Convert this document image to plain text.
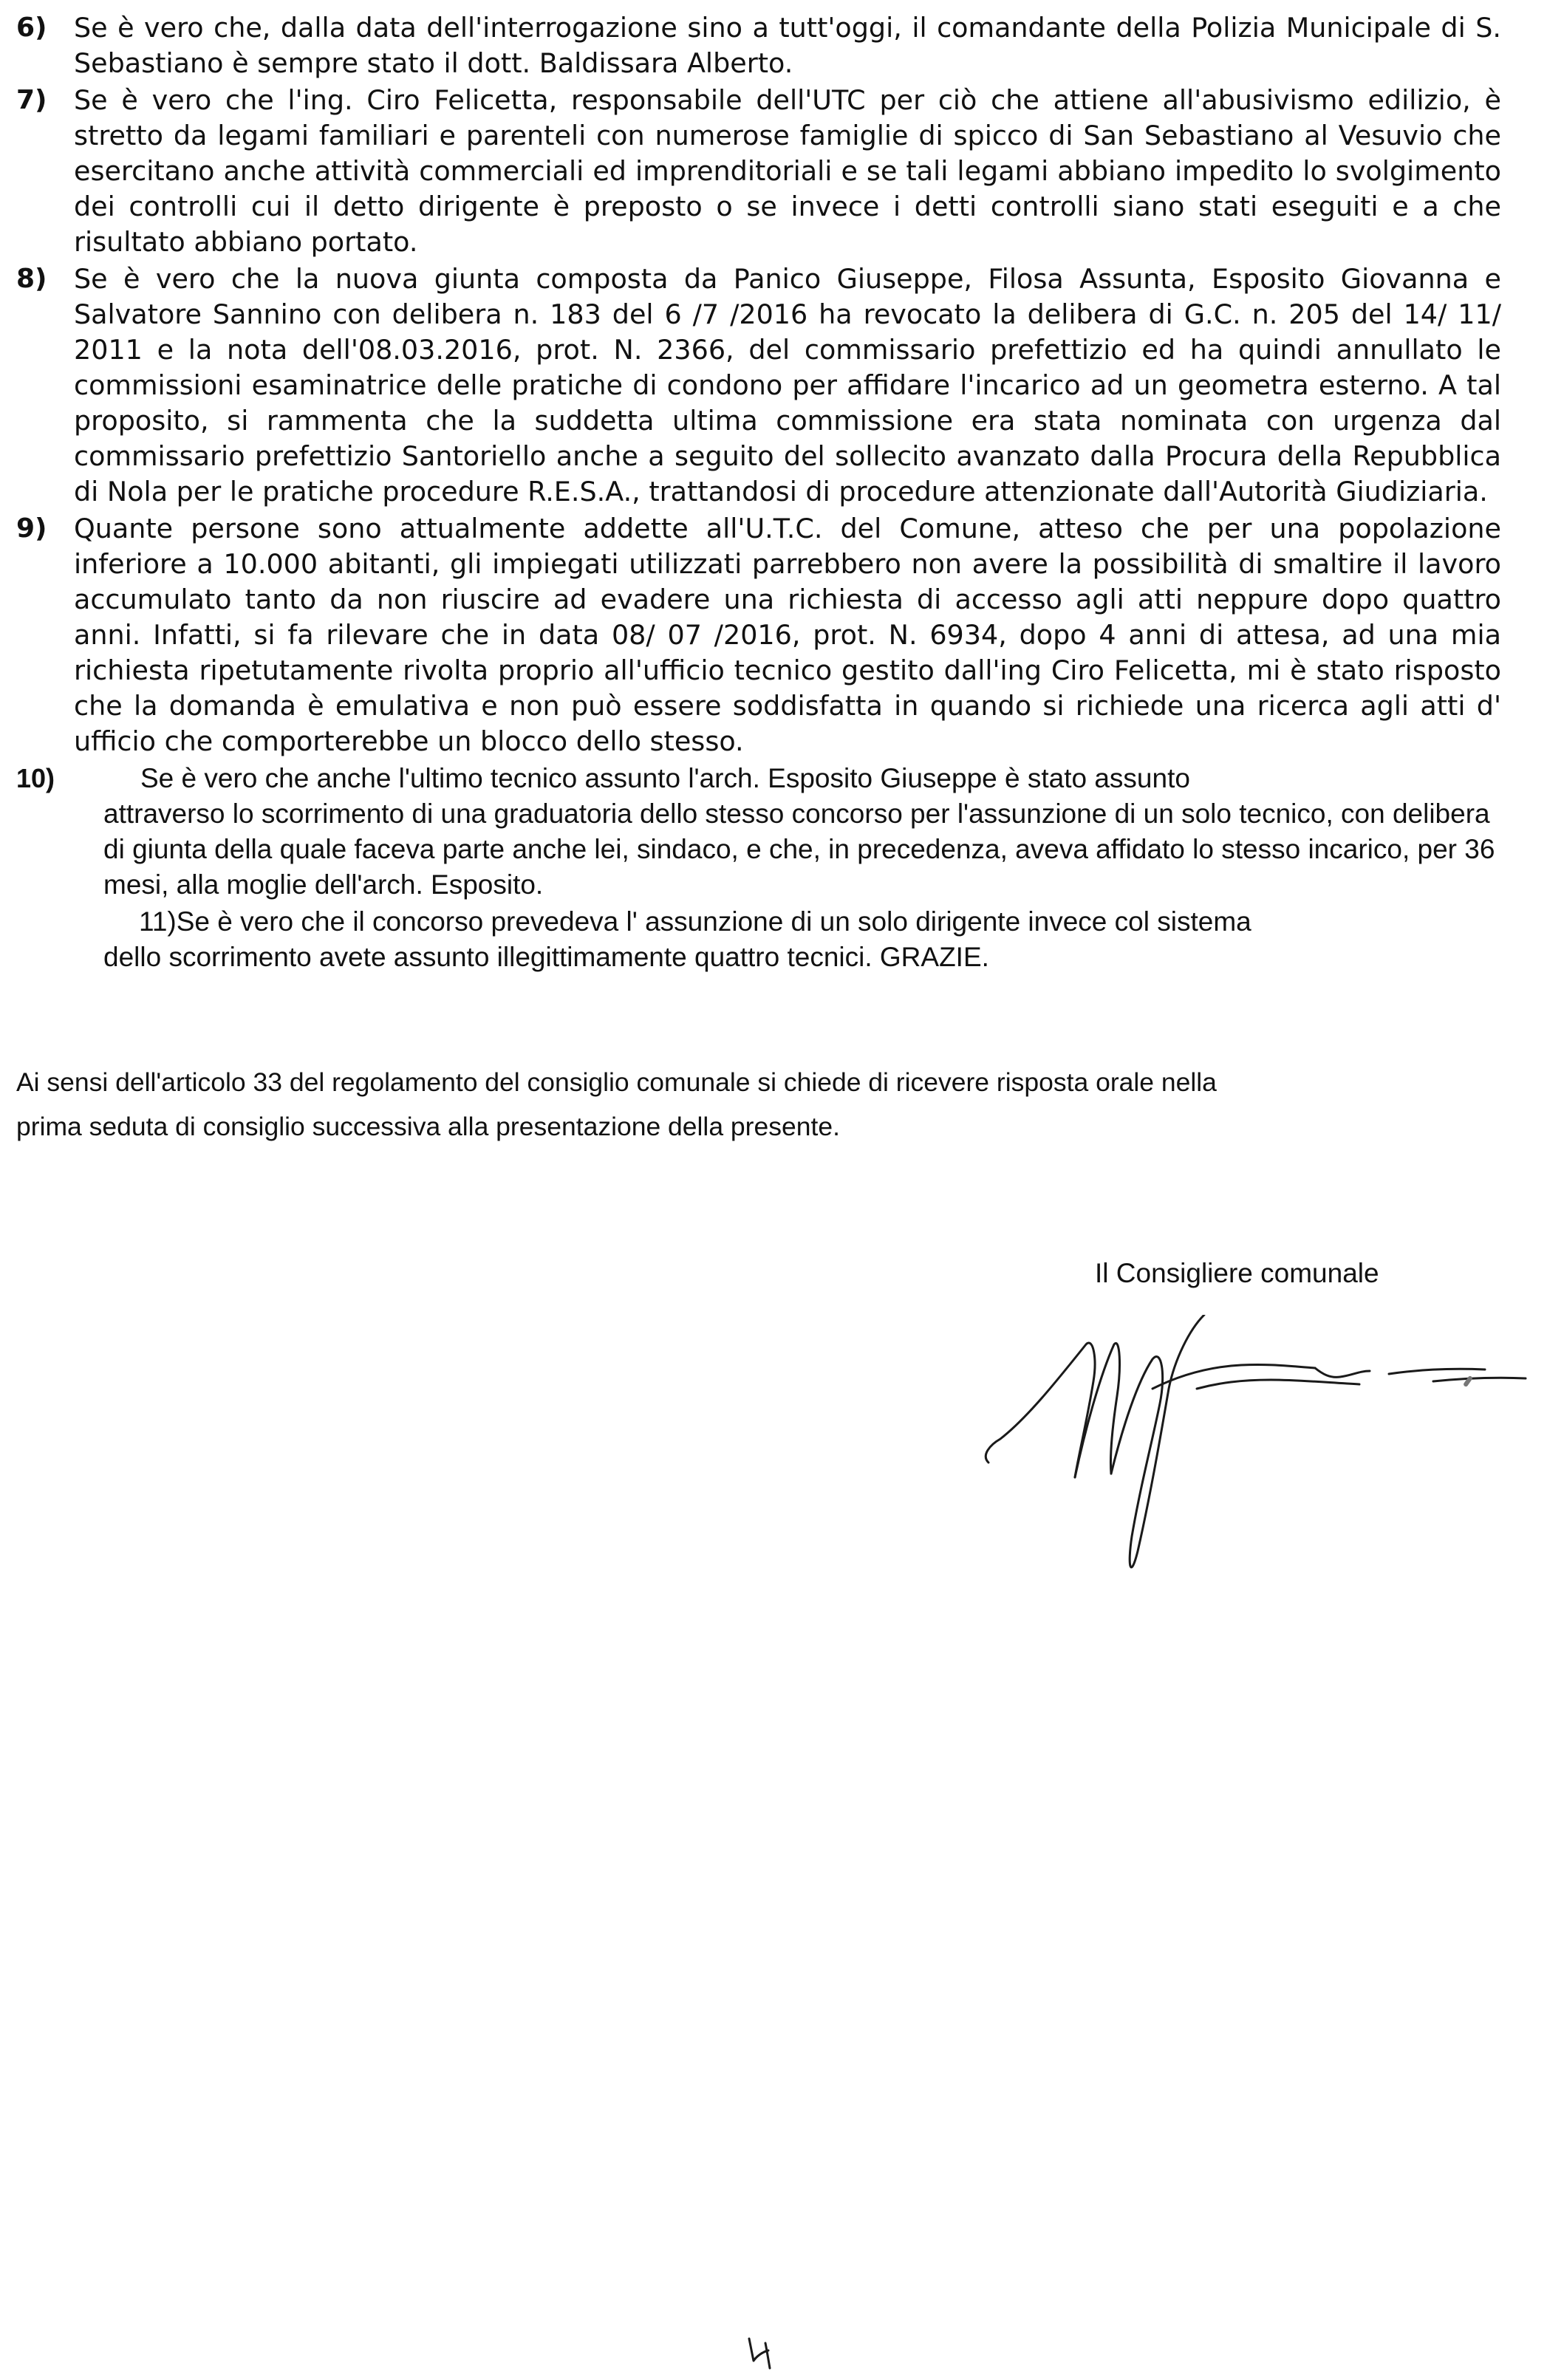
6) Se è vero che, dalla data dell'interrogazione sino a tutt'oggi, il comandante della Polizia Municipale di S. Sebastiano è sempre stato il dott. Baldissara Alberto.
7) Se è vero che l'ing. Ciro Felicetta, responsabile dell'UTC per ciò che attiene all'abusivismo edilizio, è stretto da legami familiari e parenteli con numerose famiglie di spicco di San Sebastiano al Vesuvio che esercitano anche attività commerciali ed imprenditoriali e se tali legami abbiano impedito lo svolgimento dei controlli cui il detto dirigente è preposto o se invece i detti controlli siano stati eseguiti e a che risultato abbiano portato.
8) Se è vero che la nuova giunta composta da Panico Giuseppe, Filosa Assunta, Esposito Giovanna e Salvatore Sannino con delibera n. 183 del 6 /7 /2016 ha revocato la delibera di G.C. n. 205 del 14/ 11/ 2011 e la nota dell'08.03.2016, prot. N. 2366, del commissario prefettizio ed ha quindi annullato le commissioni esaminatrice delle pratiche di condono per affidare l'incarico ad un geometra esterno. A tal proposito, si rammenta che la suddetta ultima commissione era stata nominata con urgenza dal commissario prefettizio Santoriello anche a seguito del sollecito avanzato dalla Procura della Repubblica di Nola per le pratiche procedure R.E.S.A., trattandosi di procedure attenzionate dall'Autorità Giudiziaria.
9) Quante persone sono attualmente addette all'U.T.C. del Comune, atteso che per una popolazione inferiore a 10.000 abitanti, gli impiegati utilizzati parrebbero non avere la possibilità di smaltire il lavoro accumulato tanto da non riuscire ad evadere una richiesta di accesso agli atti neppure dopo quattro anni. Infatti, si fa rilevare che in data 08/ 07 /2016, prot. N. 6934, dopo 4 anni di attesa, ad una mia richiesta ripetutamente rivolta proprio all'ufficio tecnico gestito dall'ing Ciro Felicetta, mi è stato risposto che la domanda è emulativa e non può essere soddisfatta in quando si richiede una ricerca agli atti d' ufficio che comporterebbe un blocco dello stesso.
10)	Se è vero che anche l'ultimo tecnico assunto l'arch. Esposito Giuseppe è stato assunto
attraverso lo scorrimento di una graduatoria dello stesso concorso per l'assunzione di un solo tecnico, con delibera di giunta della quale faceva parte anche lei, sindaco, e che, in precedenza, aveva affidato lo stesso incarico, per 36 mesi, alla moglie dell'arch. Esposito.
11)Se è vero che il concorso prevedeva l' assunzione di un solo dirigente invece col sistema
dello scorrimento avete assunto illegittimamente quattro tecnici. GRAZIE.
Ai sensi dell'articolo 33 del regolamento del consiglio comunale si chiede di ricevere risposta orale nella
prima seduta di consiglio successiva alla presentazione della presente.
Il Consigliere comunale
